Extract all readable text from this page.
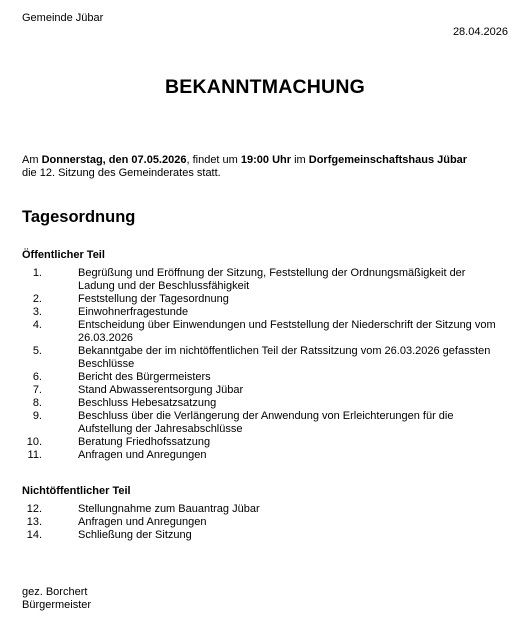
Gemeinde Jübar
28.04.2026
BEKANNTMACHUNG
Am Donnerstag, den 07.05.2026, findet um 19:00 Uhr im Dorfgemeinschaftshaus Jübar
die 12. Sitzung des Gemeinderates statt.
Tagesordnung
Öffentlicher Teil
1.	Begrüßung und Eröffnung der Sitzung, Feststellung der Ordnungsmäßigkeit der Ladung und der Beschlussfähigkeit
2.	Feststellung der Tagesordnung
3.	Einwohnerfragestunde
4.	Entscheidung über Einwendungen und Feststellung der Niederschrift der Sitzung vom 26.03.2026
5.	Bekanntgabe der im nichtöffentlichen Teil der Ratssitzung vom 26.03.2026 gefassten Beschlüsse
6.	Bericht des Bürgermeisters
7.	Stand Abwasserentsorgung Jübar
8.	Beschluss Hebesatzsatzung
9.	Beschluss über die Verlängerung der Anwendung von Erleichterungen für die Aufstellung der Jahresabschlüsse
10.	Beratung Friedhofssatzung
11.	Anfragen und Anregungen
Nichtöffentlicher Teil
12.	Stellungnahme zum Bauantrag Jübar
13.	Anfragen und Anregungen
14.	Schließung der Sitzung
gez. Borchert
Bürgermeister
